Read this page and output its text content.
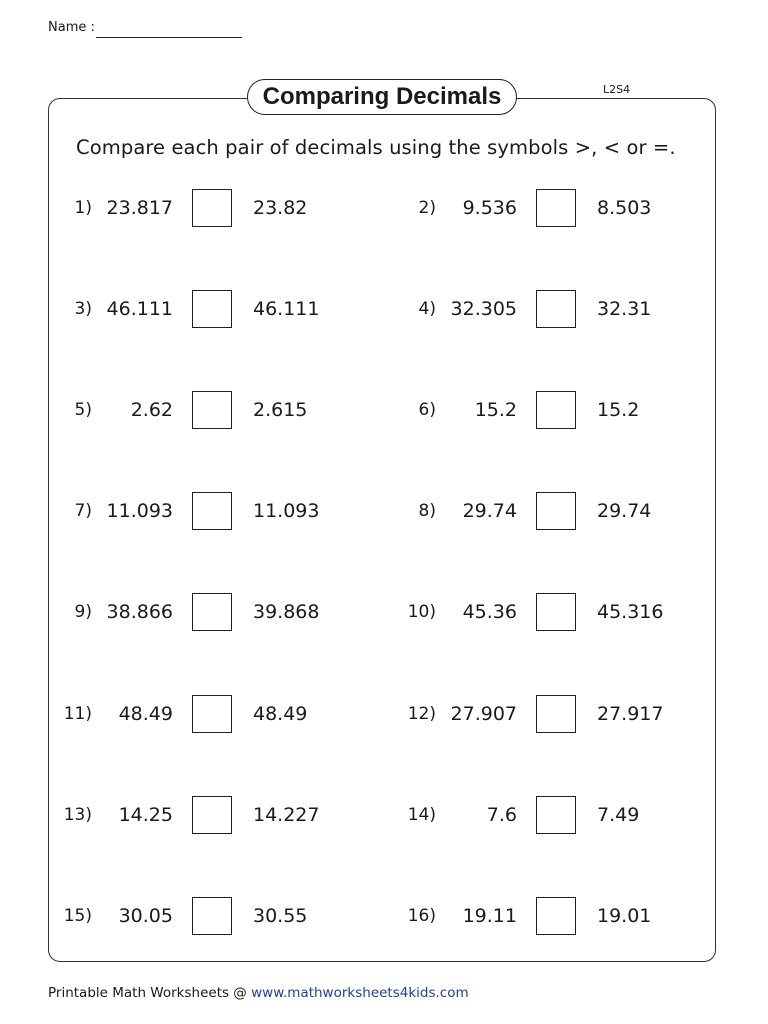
Name :
Comparing Decimals	L2S4
Compare each pair of decimals using the symbols >, < or =.
1) 23.817	23.82	2)	9.536	8.503
3) 46.111	46.111	4) 32.305	32.31
5)	2.62	2.615	6)	15.2	15.2
7) 11.093	11.093	8)	29.74	29.74
9) 38.866	39.868	10)	45.36	45.316
11)	48.49	48.49	12) 27.907	27.917
13)	14.25	14.227	14)	7.6	7.49
15)	30.05	30.55	16)	19.11	19.01
Printable Math Worksheets @ www.mathworksheets4kids.com
